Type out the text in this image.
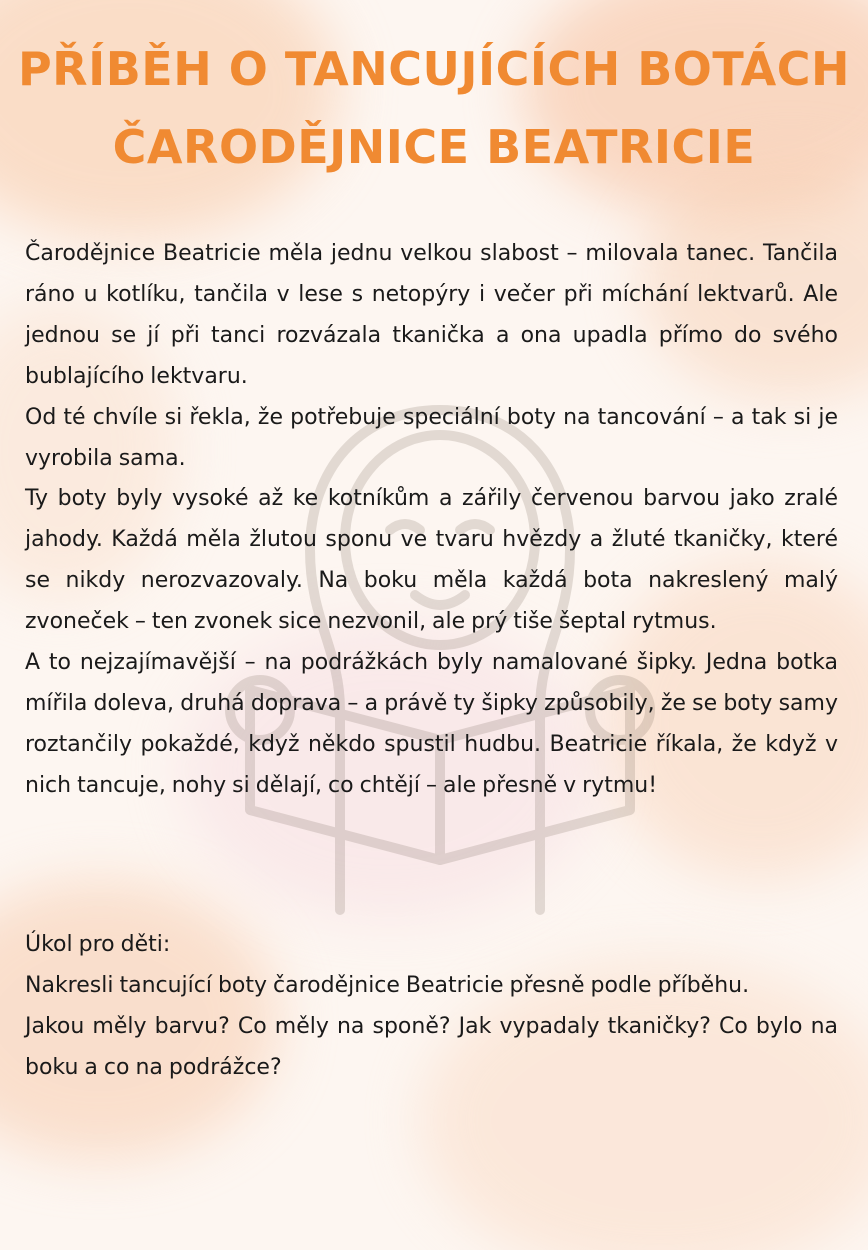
PŘÍBĚH O TANCUJÍCÍCH BOTÁCH
ČARODĚJNICE BEATRICIE

Čarodějnice Beatricie měla jednu velkou slabost – milovala tanec. Tančila ráno u kotlíku, tančila v lese s netopýry i večer při míchání lektvarů. Ale jednou se jí při tanci rozvázala tkanička a ona upadla přímo do svého bublajícího lektvaru.

Od té chvíle si řekla, že potřebuje speciální boty na tancování – a tak si je vyrobila sama.

Ty boty byly vysoké až ke kotníkům a zářily červenou barvou jako zralé jahody. Každá měla žlutou sponu ve tvaru hvězdy a žluté tkaničky, které se nikdy nerozvazovaly. Na boku měla každá bota nakreslený malý zvoneček – ten zvonek sice nezvonil, ale prý tiše šeptal rytmus.

A to nejzajímavější – na podrážkách byly namalované šipky. Jedna botka mířila doleva, druhá doprava – a právě ty šipky způsobily, že se boty samy roztančily pokaždé, když někdo spustil hudbu. Beatricie říkala, že když v nich tancuje, nohy si dělají, co chtějí – ale přesně v rytmu!

Úkol pro děti:

Nakresli tancující boty čarodějnice Beatricie přesně podle příběhu.

Jakou měly barvu? Co měly na sponě? Jak vypadaly tkaničky? Co bylo na boku a co na podrážce?
